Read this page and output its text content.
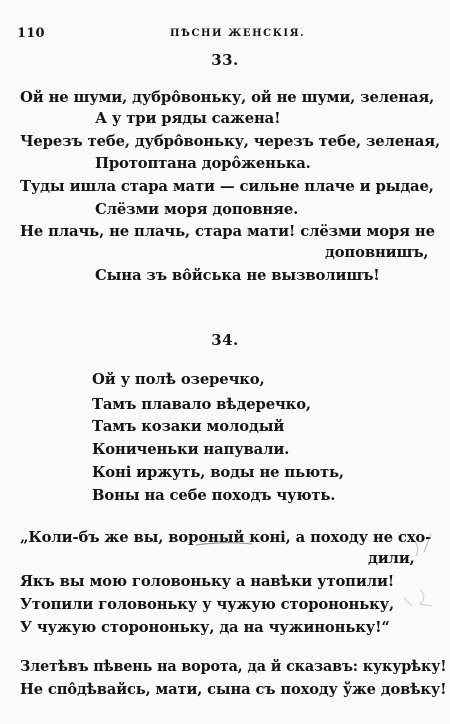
110	ПѢСНИ ЖЕНСКІЯ.
33.
Ой не шуми, дубро̂воньку, ой не шуми, зеленая,
А у три ряды сажена!
Черезъ тебе, дубро̂воньку, черезъ тебе, зеленая,
Протоптана дорôженька.
Туды ишла стара мати — сильне плаче и рыдае,
Слёзми моря доповняе.
Не плачь, не плачь, стара мати! слёзми моря не
доповнишъ,
Сына зъ во̂йська не вызволишъ!
34.
Ой у полѣ озеречко,
Тамъ плавало вѣдеречко,
Тамъ козаки молодый
Кониченьки напували.
Коні иржуть, воды не пьють,
Воны на себе походъ чують.
„Коли-бъ же вы, вороный коні, а походу не схо-
дили,
Якъ вы мою головоньку а навѣки утопили!
Утопили головоньку у чужую сторононьку,
У чужую сторононьку, да на чужиноньку!“
Злетѣвъ пѣвень на ворота, да й сказавъ: кукурѣку!
Не спо̂дѣвайсь, мати, сына съ походу ўже довѣку!
